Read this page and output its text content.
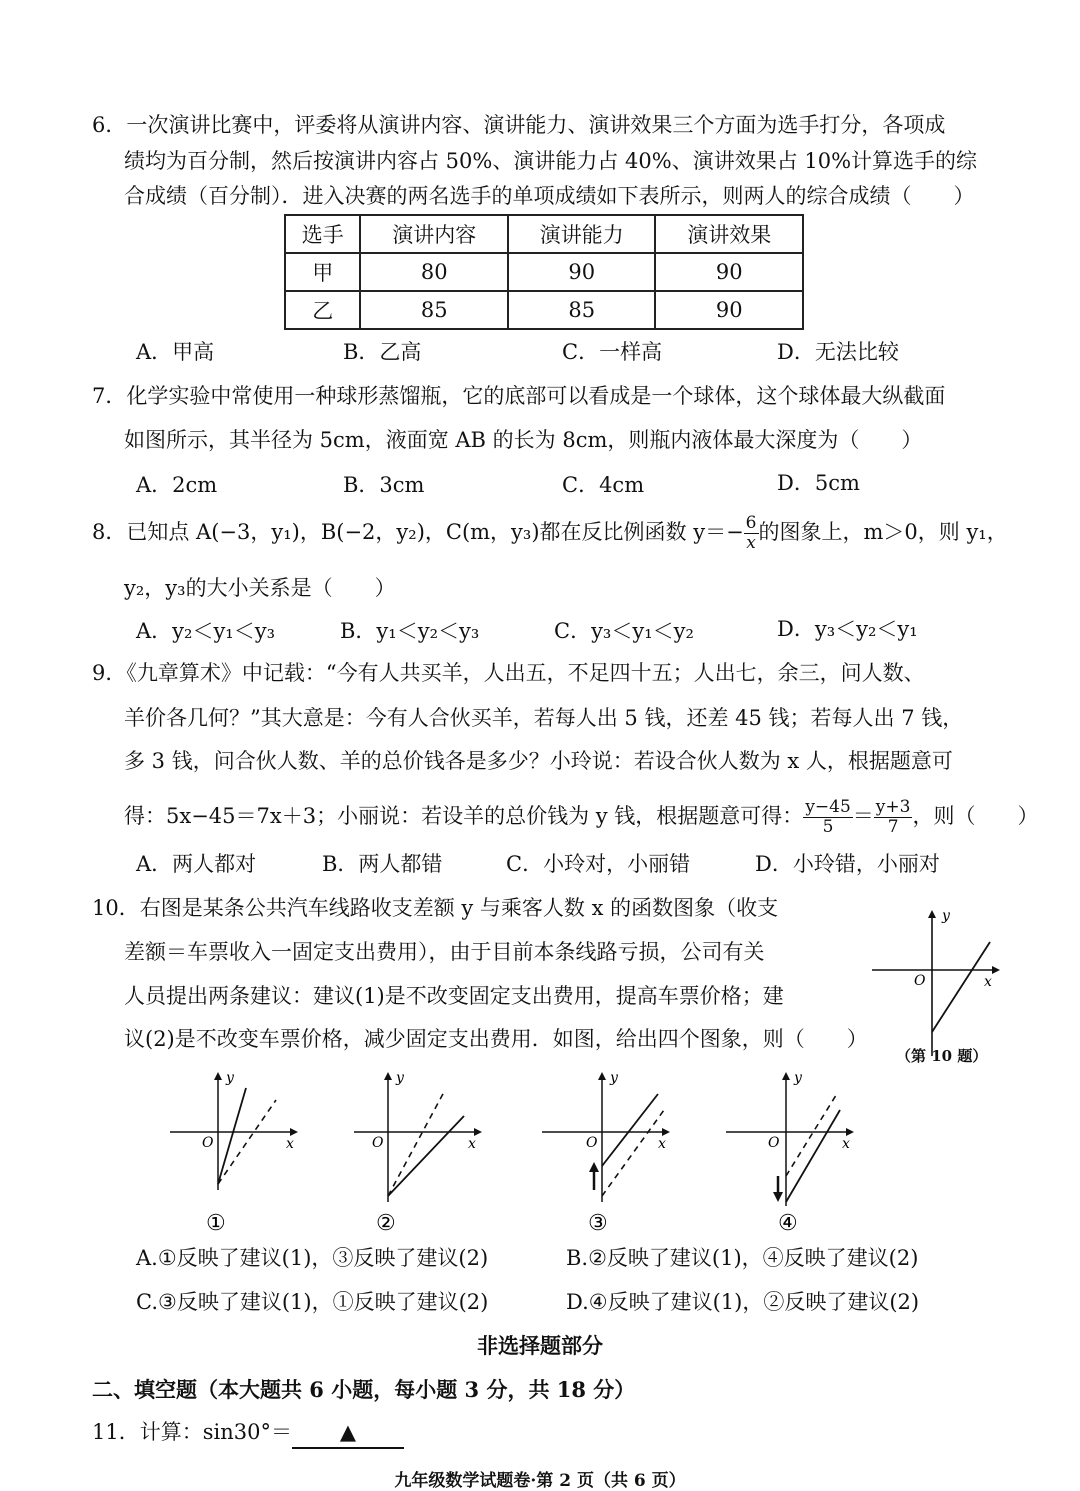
6．一次演讲比赛中，评委将从演讲内容、演讲能力、演讲效果三个方面为选手打分，各项成
绩均为百分制，然后按演讲内容占 50%、演讲能力占 40%、演讲效果占 10%计算选手的综
合成绩（百分制）．进入决赛的两名选手的单项成绩如下表所示，则两人的综合成绩（　　）
选手	演讲内容	演讲能力	演讲效果
甲	80	90	90
乙	85	85	90
A．甲高	B．乙高	C．一样高	D．无法比较
7．化学实验中常使用一种球形蒸馏瓶，它的底部可以看成是一个球体，这个球体最大纵截面
如图所示，其半径为 5cm，液面宽 AB 的长为 8cm，则瓶内液体最大深度为（　　）
A．2cm	B．3cm	C．4cm	D．5cm
8．已知点 A(−3，y₁)，B(−2，y₂)，C(m，y₃)都在反比例函数 $y=- \frac{6}{x}$ 的图象上，m＞0，则 y₁，
y₂，y₃的大小关系是（　　）
A．y₂＜y₁＜y₃	B．y₁＜y₂＜y₃	C．y₃＜y₁＜y₂	D．y₃＜y₂＜y₁
9．《九章算术》中记载：“今有人共买羊，人出五，不足四十五；人出七，余三，问人数、
羊价各几何？”其大意是：今有人合伙买羊，若每人出 5 钱，还差 45 钱；若每人出 7 钱，
多 3 钱，问合伙人数、羊的总价钱各是多少？小玲说：若设合伙人数为 x 人，根据题意可
得：5x−45＝7x＋3；小丽说：若设羊的总价钱为 y 钱，根据题意可得： $\frac{y-45}{5} = \frac{y+3}{7}$ ，则（　　）
A．两人都对	B．两人都错	C．小玲对，小丽错	D．小玲错，小丽对
10．右图是某条公共汽车线路收支差额 y 与乘客人数 x 的函数图象（收支
差额＝车票收入一固定支出费用），由于目前本条线路亏损，公司有关
人员提出两条建议：建议(1)是不改变固定支出费用，提高车票价格；建
议(2)是不改变车票价格，减少固定支出费用．如图，给出四个图象，则（　　）
y
x
O
（第 10 题）
y
x
O
①
y
x
O
②
y
x
O
③
y
x
O
④
A.①反映了建议(1)，③反映了建议(2)	B.②反映了建议(1)，④反映了建议(2)
C.③反映了建议(1)，①反映了建议(2)	D.④反映了建议(1)，②反映了建议(2)
非选择题部分
二、填空题（本大题共 6 小题，每小题 3 分，共 18 分）
11．计算：sin30°＝ ▲
九年级数学试题卷·第 2 页（共 6 页）
